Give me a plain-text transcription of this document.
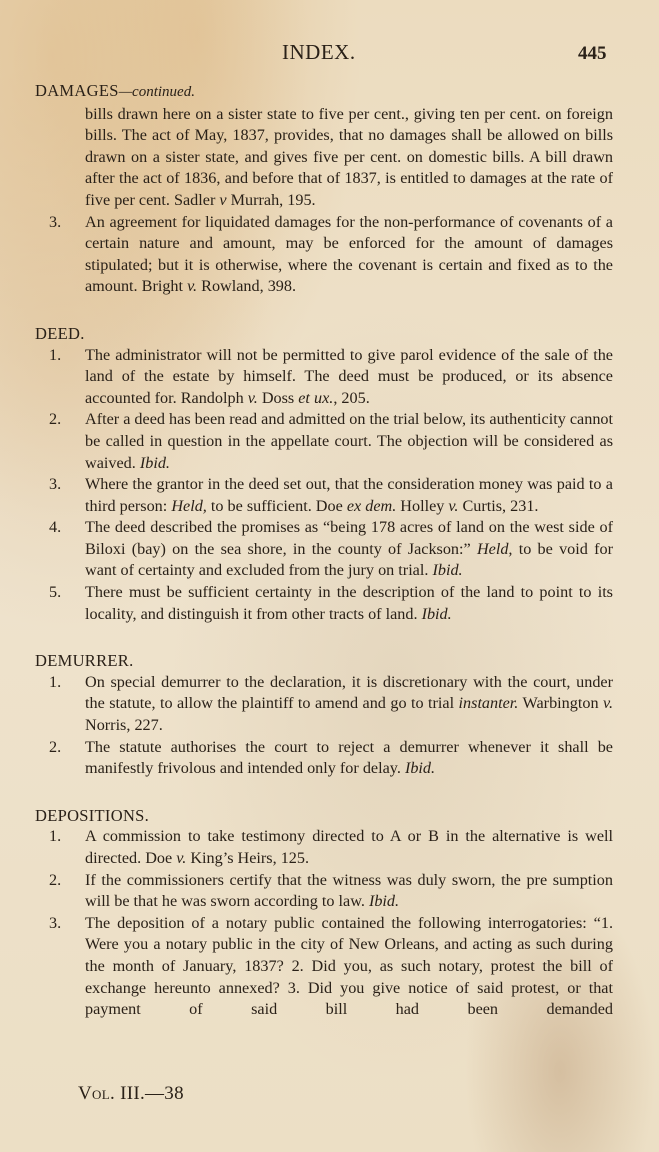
INDEX.	445

DAMAGES—continued.

bills drawn here on a sister state to five per cent., giving ten per cent. on foreign bills. The act of May, 1837, provides, that no damages shall be allowed on bills drawn on a sister state, and gives five per cent. on domestic bills. A bill drawn after the act of 1836, and before that of 1837, is entitled to damages at the rate of five per cent. Sadler v Murrah, 195.

3. An agreement for liquidated damages for the non-performance of covenants of a certain nature and amount, may be enforced for the amount of damages stipulated; but it is otherwise, where the covenant is certain and fixed as to the amount. Bright v. Rowland, 398.

DEED.

1. The administrator will not be permitted to give parol evidence of the sale of the land of the estate by himself. The deed must be produced, or its absence accounted for. Randolph v. Doss et ux., 205.

2. After a deed has been read and admitted on the trial below, its authenticity cannot be called in question in the appellate court. The objection will be considered as waived. Ibid.

3. Where the grantor in the deed set out, that the consideration money was paid to a third person: Held, to be sufficient. Doe ex dem. Holley v. Curtis, 231.

4. The deed described the promises as “being 178 acres of land on the west side of Biloxi (bay) on the sea shore, in the county of Jackson:” Held, to be void for want of certainty and excluded from the jury on trial. Ibid.

5. There must be sufficient certainty in the description of the land to point to its locality, and distinguish it from other tracts of land. Ibid.

DEMURRER.

1. On special demurrer to the declaration, it is discretionary with the court, under the statute, to allow the plaintiff to amend and go to trial instanter. Warbington v. Norris, 227.

2. The statute authorises the court to reject a demurrer whenever it shall be manifestly frivolous and intended only for delay. Ibid.

DEPOSITIONS.

1. A commission to take testimony directed to A or B in the alternative is well directed. Doe v. King’s Heirs, 125.

2. If the commissioners certify that the witness was duly sworn, the pre sumption will be that he was sworn according to law. Ibid.

3. The deposition of a notary public contained the following interrogatories: “1. Were you a notary public in the city of New Orleans, and acting as such during the month of January, 1837? 2. Did you, as such notary, protest the bill of exchange hereunto annexed? 3. Did you give notice of said protest, or that payment of said bill had been demanded

Vol. III.—38
